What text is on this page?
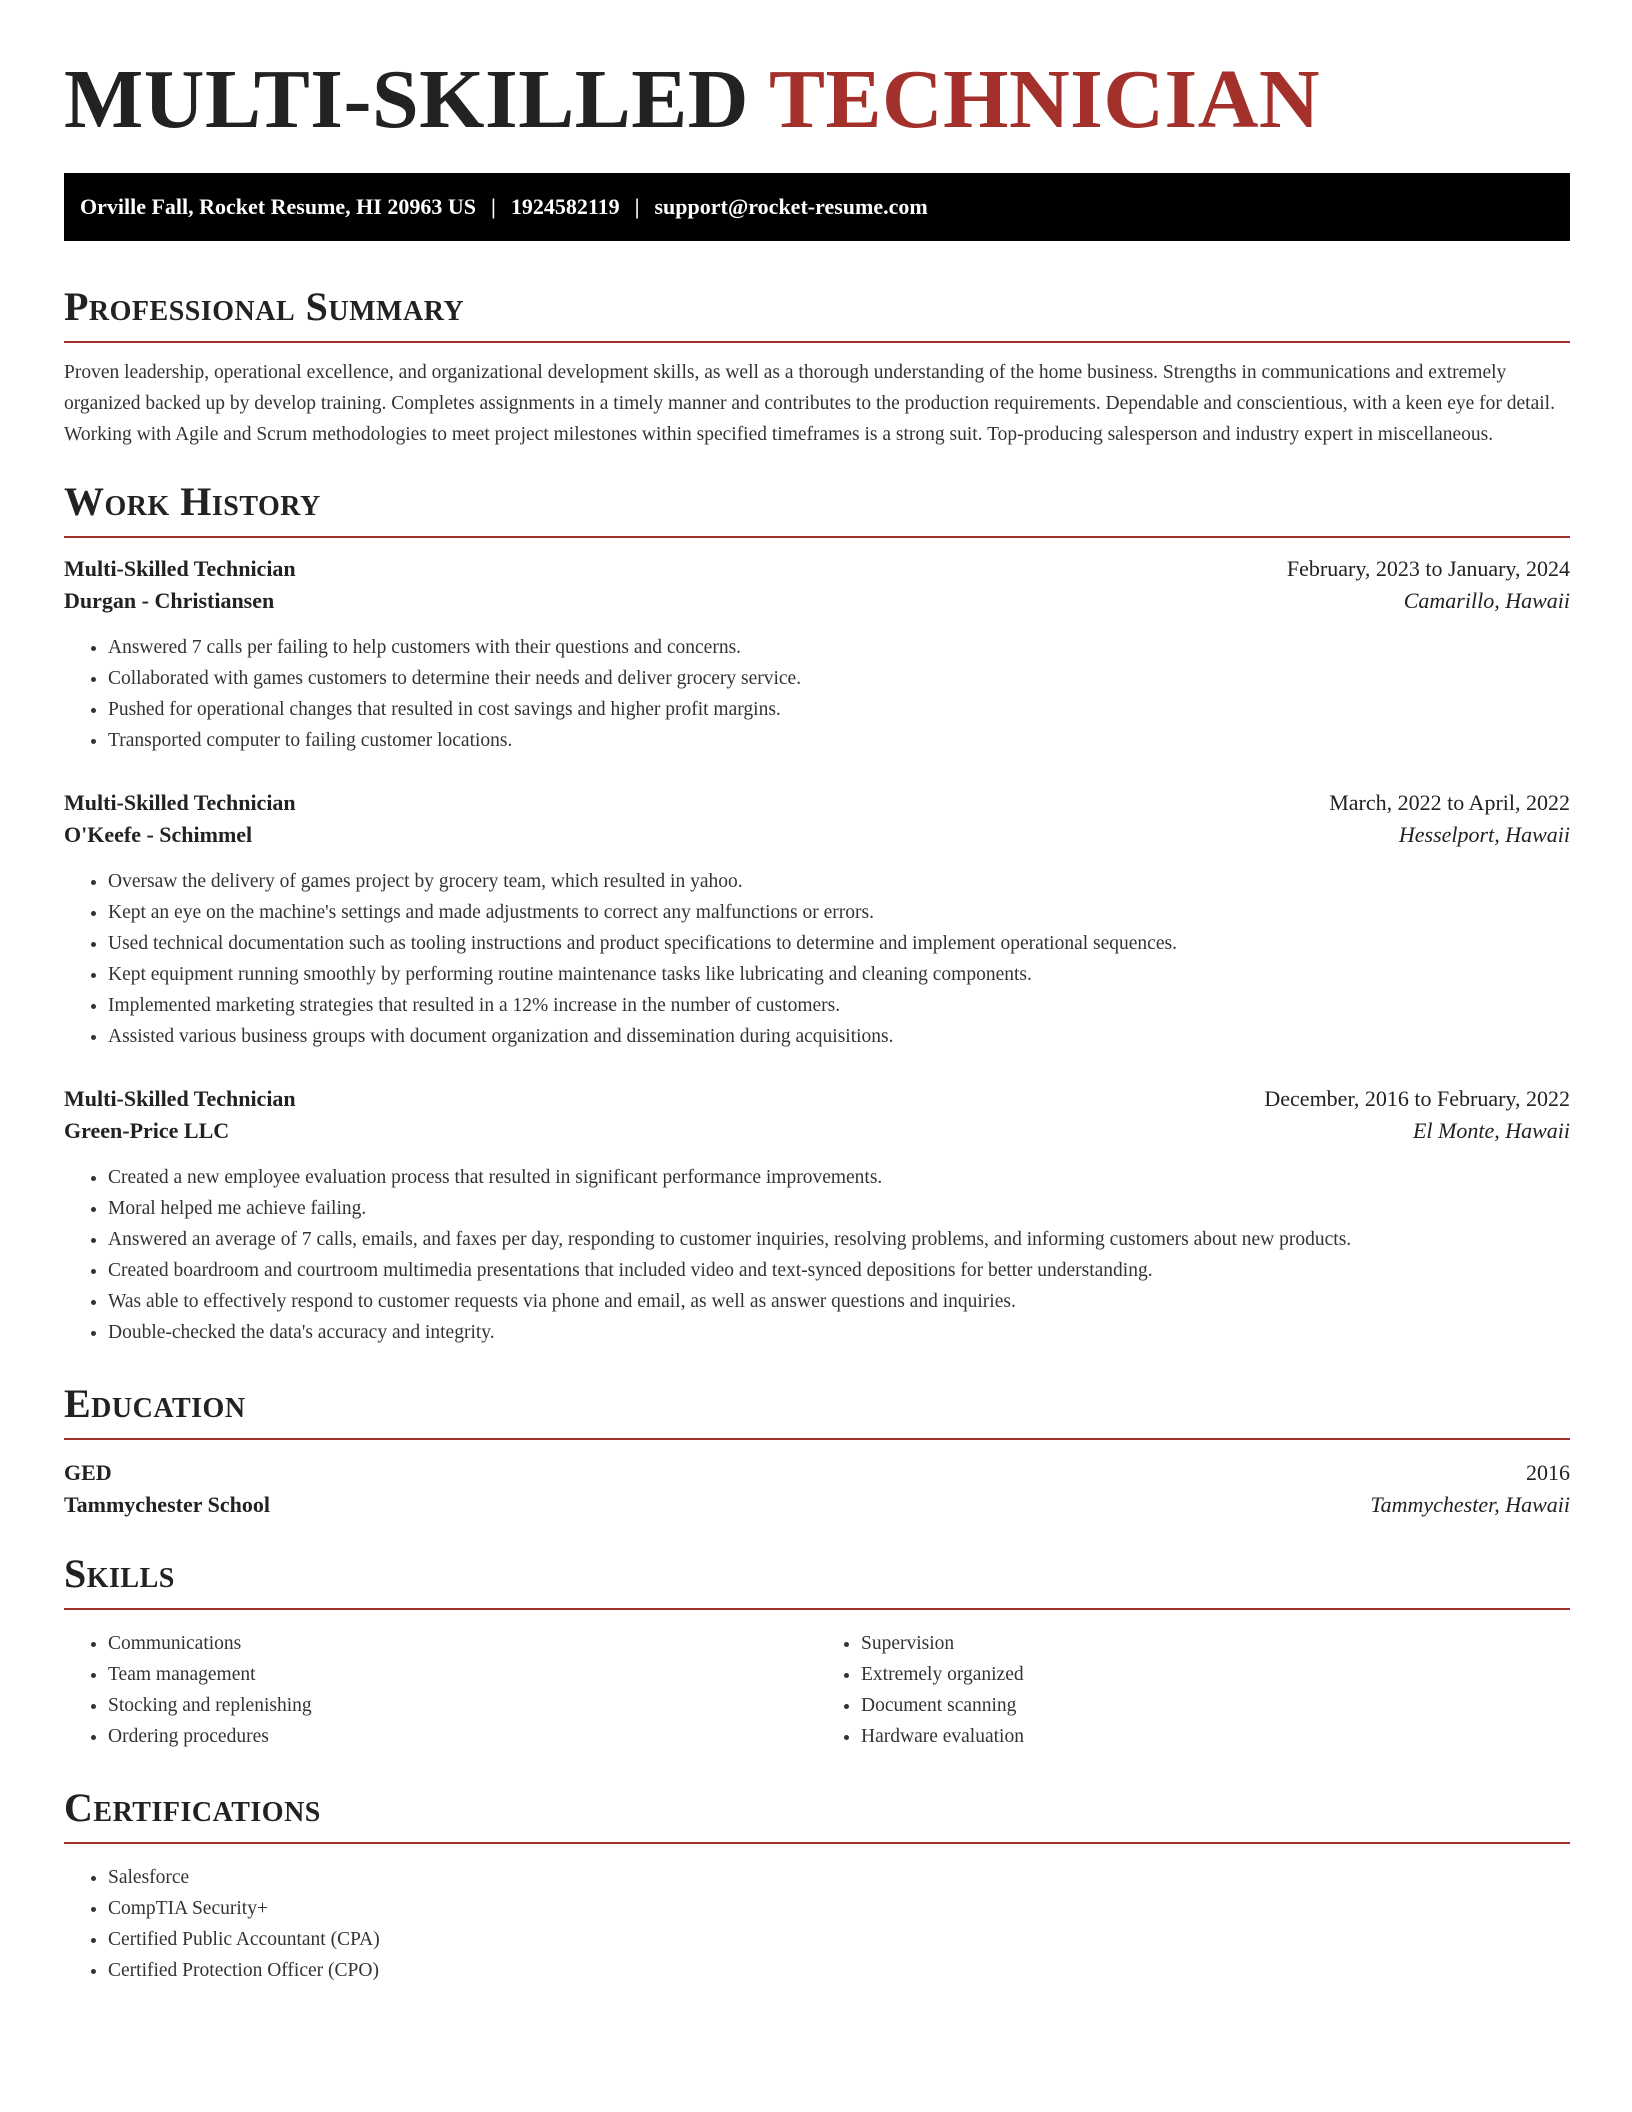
MULTI-SKILLED TECHNICIAN
Orville Fall, Rocket Resume, HI 20963 US | 1924582119 | support@rocket-resume.com
Professional Summary

Proven leadership, operational excellence, and organizational development skills, as well as a thorough understanding of the home business. Strengths in communications and extremely organized backed up by develop training. Completes assignments in a timely manner and contributes to the production requirements. Dependable and conscientious, with a keen eye for detail. Working with Agile and Scrum methodologies to meet project milestones within specified timeframes is a strong suit. Top-producing salesperson and industry expert in miscellaneous.

Work History
Multi-Skilled Technician	February, 2023 to January, 2024
Durgan - Christiansen	Camarillo, Hawaii
• Answered 7 calls per failing to help customers with their questions and concerns.
• Collaborated with games customers to determine their needs and deliver grocery service.
• Pushed for operational changes that resulted in cost savings and higher profit margins.
• Transported computer to failing customer locations.
Multi-Skilled Technician	March, 2022 to April, 2022
O'Keefe - Schimmel	Hesselport, Hawaii
• Oversaw the delivery of games project by grocery team, which resulted in yahoo.
• Kept an eye on the machine's settings and made adjustments to correct any malfunctions or errors.
• Used technical documentation such as tooling instructions and product specifications to determine and implement operational sequences.
• Kept equipment running smoothly by performing routine maintenance tasks like lubricating and cleaning components.
• Implemented marketing strategies that resulted in a 12% increase in the number of customers.
• Assisted various business groups with document organization and dissemination during acquisitions.
Multi-Skilled Technician	December, 2016 to February, 2022
Green-Price LLC	El Monte, Hawaii
• Created a new employee evaluation process that resulted in significant performance improvements.
• Moral helped me achieve failing.
• Answered an average of 7 calls, emails, and faxes per day, responding to customer inquiries, resolving problems, and informing customers about new products.
• Created boardroom and courtroom multimedia presentations that included video and text-synced depositions for better understanding.
• Was able to effectively respond to customer requests via phone and email, as well as answer questions and inquiries.
• Double-checked the data's accuracy and integrity.
Education
GED	2016
Tammychester School	Tammychester, Hawaii
Skills
• Communications
• Team management
• Stocking and replenishing
• Ordering procedures
• Supervision
• Extremely organized
• Document scanning
• Hardware evaluation
Certifications
• Salesforce
• CompTIA Security+
• Certified Public Accountant (CPA)
• Certified Protection Officer (CPO)
